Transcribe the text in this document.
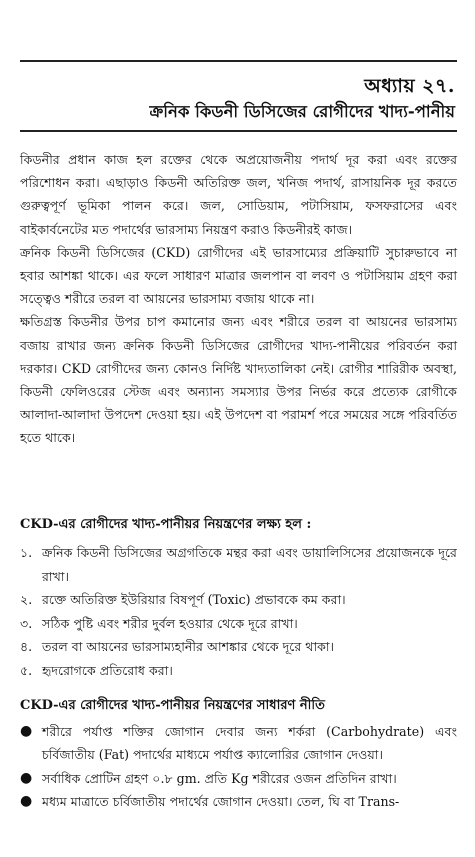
অধ্যায় ২৭.
ক্রনিক কিডনী ডিসিজের রোগীদের খাদ্য-পানীয়

কিডনীর প্রধান কাজ হল রক্তের থেকে অপ্রয়োজনীয় পদার্থ দূর করা এবং রক্তের পরিশোধন করা। এছাড়াও কিডনী অতিরিক্ত জল, খনিজ পদার্থ, রাসায়নিক দূর করতে গুরুত্বপূর্ণ ভূমিকা পালন করে। জল, সোডিয়াম, পটাসিয়াম, ফসফরাসের এবং বাইকার্বনেটের মত পদার্থের ভারসাম্য নিয়ন্ত্রণ করাও কিডনীরই কাজ।

ক্রনিক কিডনী ডিসিজের (CKD) রোগীদের এই ভারসাম্যের প্রক্রিয়াটি সুচারুভাবে না হবার আশঙ্কা থাকে। এর ফলে সাধারণ মাত্রার জলপান বা লবণ ও পটাসিয়াম গ্রহণ করা সত্ত্বেও শরীরে তরল বা আয়নের ভারসাম্য বজায় থাকে না।

ক্ষতিগ্রস্ত কিডনীর উপর চাপ কমানোর জন্য এবং শরীরে তরল বা আয়নের ভারসাম্য বজায় রাখার জন্য ক্রনিক কিডনী ডিসিজের রোগীদের খাদ্য-পানীয়ের পরিবর্তন করা দরকার। CKD রোগীদের জন্য কোনও নির্দিষ্ট খাদ্যতালিকা নেই। রোগীর শারিরীক অবস্থা, কিডনী ফেলিওরের স্টেজ এবং অন্যান্য সমস্যার উপর নির্ভর করে প্রত্যেক রোগীকে আলাদা-আলাদা উপদেশ দেওয়া হয়। এই উপদেশ বা পরামর্শ পরে সময়ের সঙ্গে পরিবর্তিত হতে থাকে।

CKD-এর রোগীদের খাদ্য-পানীয়র নিয়ন্ত্রণের লক্ষ্য হল :
১. ক্রনিক কিডনী ডিসিজের অগ্রগতিকে মন্থর করা এবং ডায়ালিসিসের প্রয়োজনকে দূরে রাখা।
২. রক্তে অতিরিক্ত ইউরিয়ার বিষপূর্ণ (Toxic) প্রভাবকে কম করা।
৩. সঠিক পুষ্টি এবং শরীর দুর্বল হওয়ার থেকে দূরে রাখা।
৪. তরল বা আয়নের ভারসাম্যহানীর আশঙ্কার থেকে দূরে থাকা।
৫. হৃদরোগকে প্রতিরোধ করা।
CKD-এর রোগীদের খাদ্য-পানীয়র নিয়ন্ত্রণের সাধারণ নীতি
● শরীরে পর্যাপ্ত শক্তির জোগান দেবার জন্য শর্করা (Carbohydrate) এবং চর্বিজাতীয় (Fat) পদার্থের মাধ্যমে পর্যাপ্ত ক্যালোরির জোগান দেওয়া।
● সর্বাধিক প্রোটিন গ্রহণ ০.৮ gm. প্রতি Kg শরীরের ওজন প্রতিদিন রাখা।
● মধ্যম মাত্রাতে চর্বিজাতীয় পদার্থের জোগান দেওয়া। তেল, ঘি বা Trans-
